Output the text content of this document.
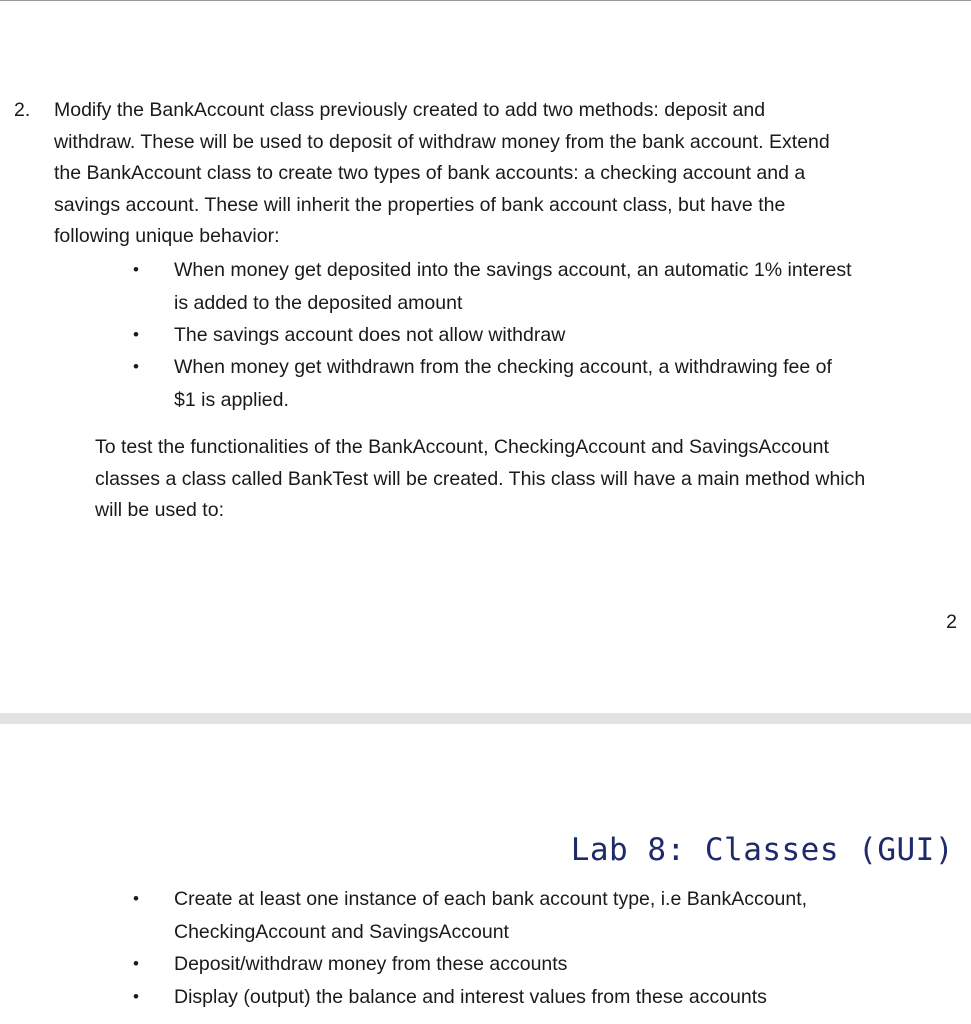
2. Modify the BankAccount class previously created to add two methods: deposit and
withdraw. These will be used to deposit of withdraw money from the bank account. Extend
the BankAccount class to create two types of bank accounts: a checking account and a
savings account. These will inherit the properties of bank account class, but have the
following unique behavior:
• When money get deposited into the savings account, an automatic 1% interest
is added to the deposited amount
• The savings account does not allow withdraw
• When money get withdrawn from the checking account, a withdrawing fee of
$1 is applied.
To test the functionalities of the BankAccount, CheckingAccount and SavingsAccount
classes a class called BankTest will be created. This class will have a main method which
will be used to:
2
Lab 8: Classes (GUI)
• Create at least one instance of each bank account type, i.e BankAccount,
CheckingAccount and SavingsAccount
• Deposit/withdraw money from these accounts
• Display (output) the balance and interest values from these accounts
